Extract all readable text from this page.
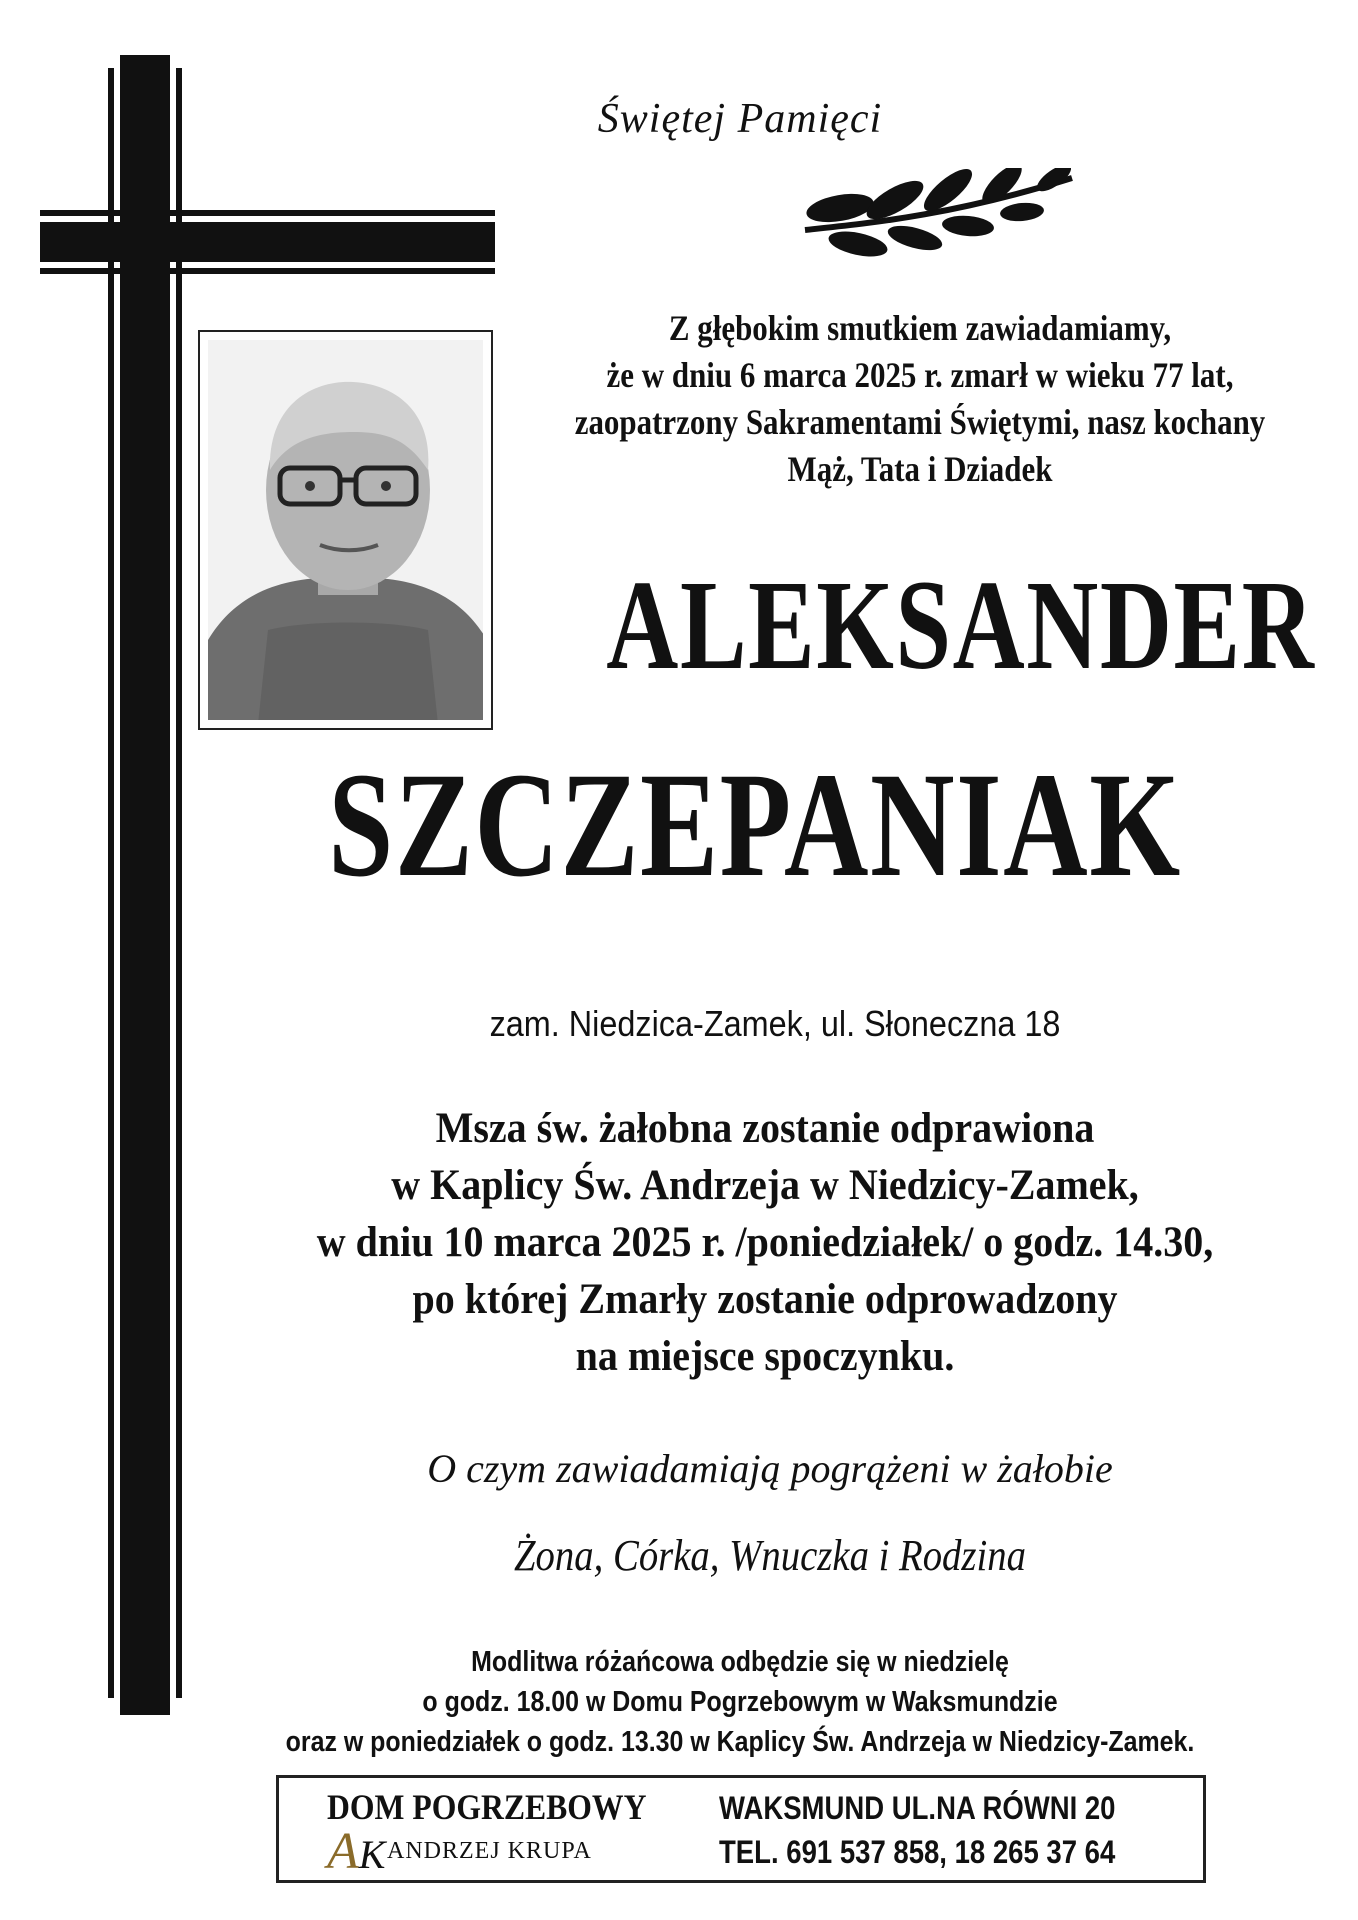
Świętej Pamięci
Z głębokim smutkiem zawiadamiamy,
że w dniu 6 marca 2025 r. zmarł w wieku 77 lat,
zaopatrzony Sakramentami Świętymi, nasz kochany
Mąż, Tata i Dziadek
ALEKSANDER
SZCZEPANIAK
zam. Niedzica-Zamek, ul. Słoneczna 18
Msza św. żałobna zostanie odprawiona
w Kaplicy Św. Andrzeja w Niedzicy-Zamek,
w dniu 10 marca 2025 r. /poniedziałek/ o godz. 14.30,
po której Zmarły zostanie odprowadzony
na miejsce spoczynku.
O czym zawiadamiają pogrążeni w żałobie
Żona, Córka, Wnuczka i Rodzina
Modlitwa różańcowa odbędzie się w niedzielę
o godz. 18.00 w Domu Pogrzebowym w Waksmundzie
oraz w poniedziałek o godz. 13.30 w Kaplicy Św. Andrzeja w Niedzicy-Zamek.
DOM POGRZEBOWY
AK ANDRZEJ KRUPA
WAKSMUND UL.NA RÓWNI 20
TEL. 691 537 858, 18 265 37 64
